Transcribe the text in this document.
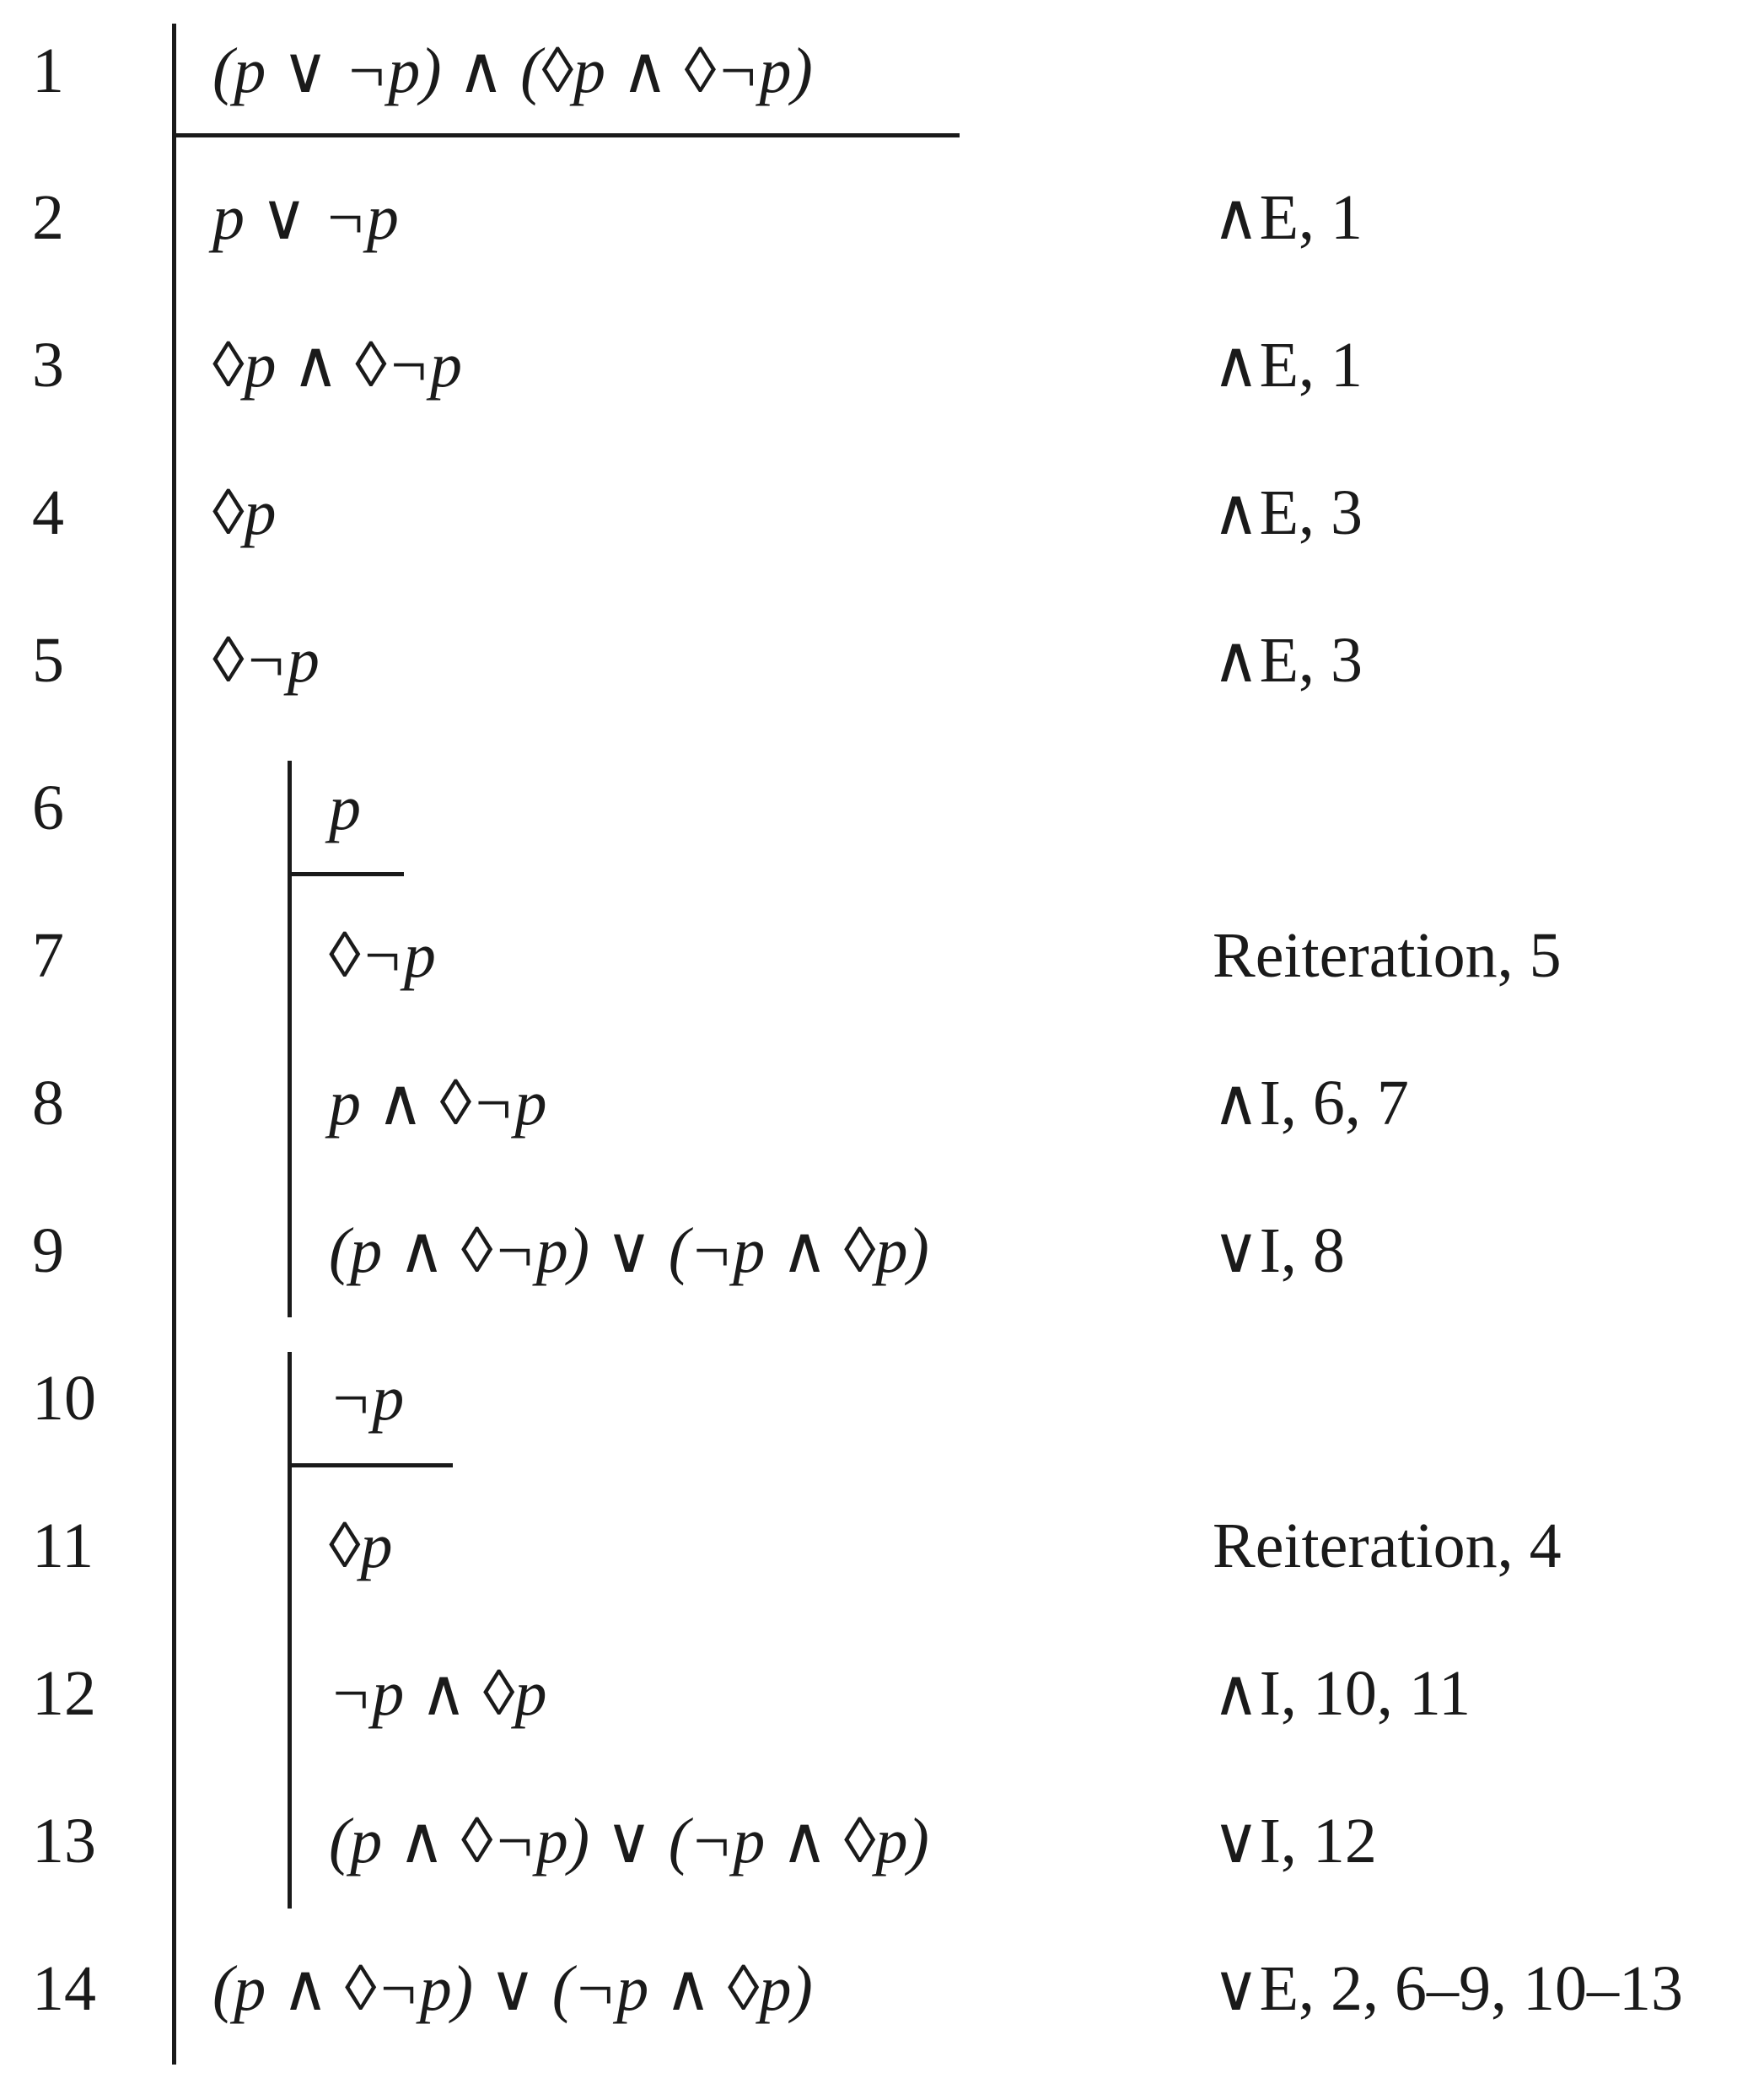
1 (p ∨ ¬p) ∧ (◊p ∧ ◊¬p)
2 p ∨ ¬p	∧E, 1
3 ◊p ∧ ◊¬p	∧E, 1
4 ◊p	∧E, 3
5 ◊¬p	∧E, 3
6	p
7	◊¬p	Reiteration, 5
8	p ∧ ◊¬p	∧I, 6, 7
9	(p ∧ ◊¬p) ∨ (¬p ∧ ◊p)	∨I, 8
10	¬p
11	◊p	Reiteration, 4
12	¬p ∧ ◊p	∧I, 10, 11
13	(p ∧ ◊¬p) ∨ (¬p ∧ ◊p)	∨I, 12
14 (p ∧ ◊¬p) ∨ (¬p ∧ ◊p)	∨E, 2, 6–9, 10–13
